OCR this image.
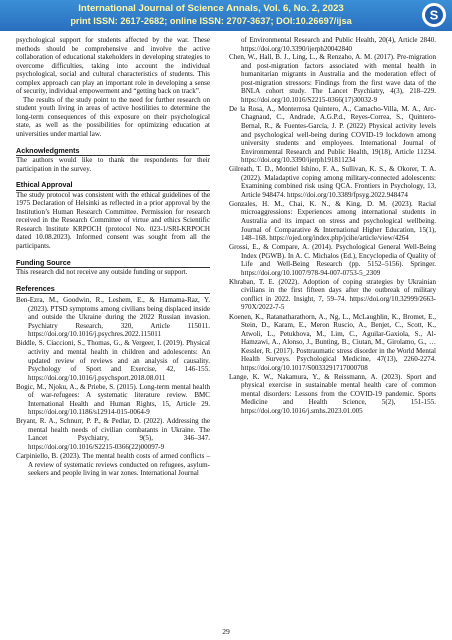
International Journal of Science Annals, Vol. 6, No. 2, 2023
print ISSN: 2617-2682; online ISSN: 2707-3637; DOI:10.26697/ijsa	S

psychological support for students affected by the war. These methods should be comprehensive and involve the active collaboration of educational stakeholders in developing strategies to overcome difficulties, taking into account the individual psychological, social and cultural characteristics of students. This complex approach can play an important role in developing a sense of security, individual empowerment and “getting back on track”.

The results of the study point to the need for further research on student youth living in areas of active hostilities to determine the long-term consequences of this exposure on their psychological state, as well as the possibilities for optimizing education at universities under martial law.

Acknowledgments

The authors would like to thank the respondents for their participation in the survey.

Ethical Approval

The study protocol was consistent with the ethical guidelines of the 1975 Declaration of Helsinki as reflected in a prior approval by the Institution’s Human Research Committee. Permission for research received in the Research Committee of virtue and ethics Scientific Research Institute KRPOCH (protocol No. 023-1/SRI-KRPOCH dated 10.08.2023). Informed consent was sought from all the participants.

Funding Source

This research did not receive any outside funding or support.

References
Ben-Ezra, M., Goodwin, R., Leshem, E., & Hamama-Raz, Y. (2023). PTSD symptoms among civilians being displaced inside and outside the Ukraine during the 2022 Russian invasion. Psychiatry Research, 320, Article 115011. https://doi.org/10.1016/j.psychres.2022.115011
Biddle, S. Ciaccioni, S., Thomas, G., & Vergeer, I. (2019). Physical activity and mental health in children and adolescents: An updated review of reviews and an analysis of causality. Psychology of Sport and Exercise, 42, 146-155. https://doi.org/10.1016/j.psychsport.2018.08.011
Bogic, M., Njoku, A., & Priebe, S. (2015). Long-term mental health of war-refugees: A systematic literature review. BMC International Health and Human Rights, 15, Article 29. https://doi.org/10.1186/s12914-015-0064-9
Bryant, R. A., Schnurr, P. P., & Pedlar, D. (2022). Addressing the mental health needs of civilian combatants in Ukraine. The Lancet Psychiatry, 9(5), 346–347. https://doi.org/10.1016/S2215-0366(22)00097-9
Carpiniello, B. (2023). The mental health costs of armed conflicts – A review of systematic reviews conducted on refugees, asylum-seekers and people living in war zones. International Journal

of Environmental Research and Public Health, 20(4), Article 2840. https://doi.org/10.3390/ijerph20042840

Chen, W., Hall, B. J., Ling, L., & Renzaho, A. M. (2017). Pre-migration and post-migration factors associated with mental health in humanitarian migrants in Australia and the moderation effect of post-migration stressors: Findings from the first wave data of the BNLA cohort study. The Lancet Psychiatry, 4(3), 218–229. https://doi.org/10.1016/S2215-0366(17)30032-9
De la Rosa, A., Monterrosa Quintero, A., Camacho-Villa, M. A., Arc-Chagnaud, C., Andrade, A.G.P.d., Reyes-Correa, S., Quintero-Bernal, R., & Fuentes-García, J. P. (2022) Physical activity levels and psychological well-being during COVID-19 lockdown among university students and employees. International Journal of Environmental Research and Public Health, 19(18), Article 11234. https://doi.org/10.3390/ijerph191811234
Gilreath, T. D., Montiel Ishino, F. A., Sullivan, K. S., & Okorer, T. A. (2022). Maladaptive coping among military-connected adolescents: Examining combined risk using QCA. Frontiers in Psychology, 13, Article 948474. https://doi.org/10.3389/fpsyg.2022.948474
Gonzales, H. M., Chai, K. N., & King, D. M. (2023). Racial microaggressions: Experiences among international students in Australia and its impact on stress and psychological wellbeing. Journal of Comparative & International Higher Education, 15(1), 148–168. https://ojed.org/index.php/jcihe/article/view/4264
Grossi, E., & Compare, A. (2014). Psychological General Well-Being Index (PGWB). In A. C. Michalos (Ed.), Encyclopedia of Quality of Life and Well-Being Research (pp. 5152–5156). Springer. https://doi.org/10.1007/978-94-007-0753-5_2309
Khraban, T. E. (2022). Adoption of coping strategies by Ukrainian civilians in the first fifteen days after the outbreak of military conflict in 2022. Insight, 7, 59–74. https://doi.org/10.32999/2663-970X/2022-7-5
Koenen, K., Ratanatharathorn, A., Ng, L., McLaughlin, K., Bromet, E., Stein, D., Karam, E., Meron Ruscio, A., Benjet, C., Scott, K., Atwoli, L., Petukhova, M., Lim, C., Aguilar-Gaxiola, S., Al-Hamzawi, A., Alonso, J., Bunting, B., Ciutan, M., Girolamo, G., … Kessler, R. (2017). Posttraumatic stress disorder in the World Mental Health Surveys. Psychological Medicine, 47(13), 2260-2274. https://doi.org/10.1017/S0033291717000708
Lange, K. W., Nakamura, Y., & Reissmann, A. (2023). Sport and physical exercise in sustainable mental health care of common mental disorders: Lessons from the COVID-19 pandemic. Sports Medicine and Health Science, 5(2), 151-155. https://doi.org/10.1016/j.smhs.2023.01.005
29
